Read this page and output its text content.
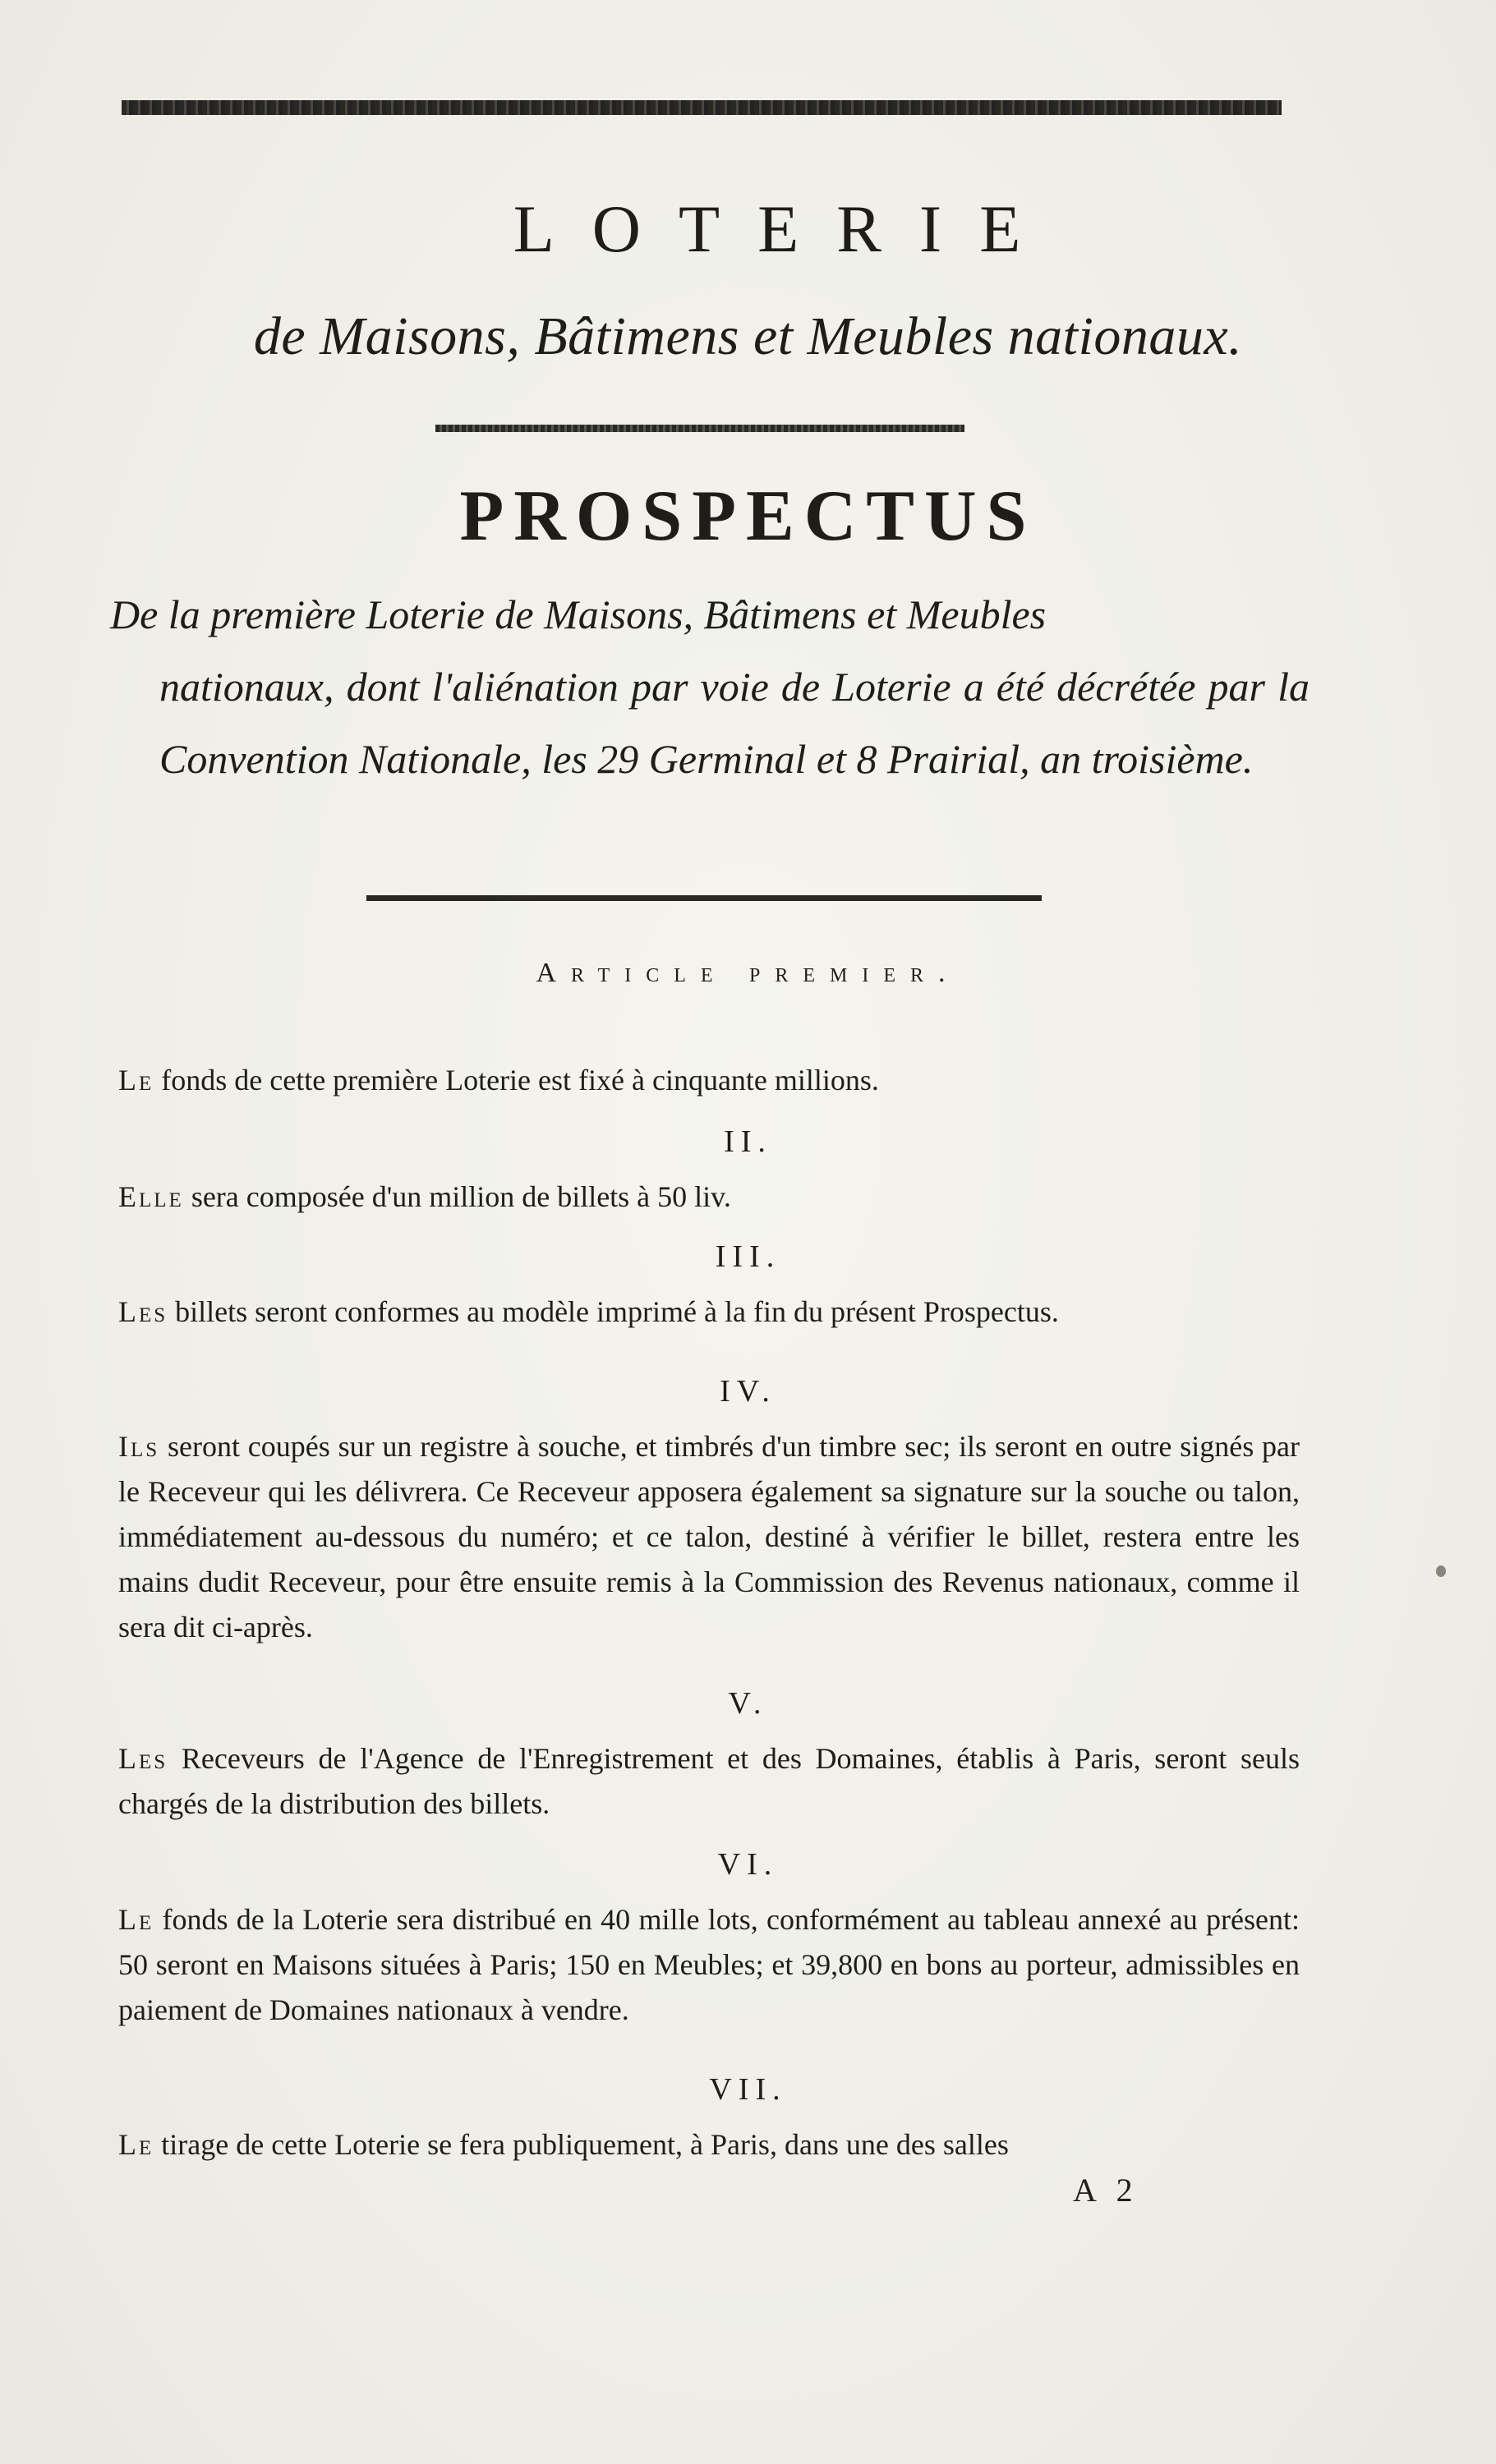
LOTERIE
de Maisons, Bâtimens et Meubles nationaux.
PROSPECTUS
De la première Loterie de Maisons, Bâtimens et Meubles
nationaux, dont l'aliénation par voie de Loterie a été décrétée par la Convention Nationale, les 29 Germinal et 8 Prairial, an troisième.
Article premier.
Le fonds de cette première Loterie est fixé à cinquante millions.
II.
Elle sera composée d'un million de billets à 50 liv.
III.
Les billets seront conformes au modèle imprimé à la fin du présent Prospectus.
IV.
Ils seront coupés sur un registre à souche, et timbrés d'un timbre sec; ils seront en outre signés par le Receveur qui les délivrera. Ce Receveur apposera également sa signature sur la souche ou talon, immédiatement au-dessous du numéro; et ce talon, destiné à vérifier le billet, restera entre les mains dudit Receveur, pour être ensuite remis à la Commission des Revenus nationaux, comme il sera dit ci-après.
V.
Les Receveurs de l'Agence de l'Enregistrement et des Domaines, établis à Paris, seront seuls chargés de la distribution des billets.
VI.
Le fonds de la Loterie sera distribué en 40 mille lots, conformément au tableau annexé au présent: 50 seront en Maisons situées à Paris; 150 en Meubles; et 39,800 en bons au porteur, admissibles en paiement de Domaines nationaux à vendre.
VII.
Le tirage de cette Loterie se fera publiquement, à Paris, dans une des salles
A 2
